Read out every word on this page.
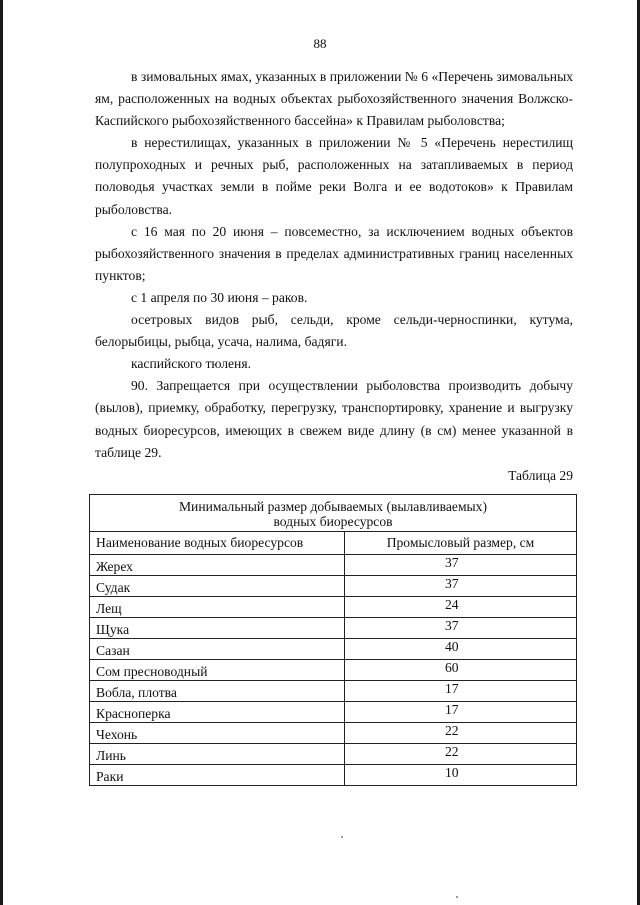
88

в зимовальных ямах, указанных в приложении № 6 «Перечень зимовальных ям, расположенных на водных объектах рыбохозяйственного значения Волжско-Каспийского рыбохозяйственного бассейна» к Правилам рыболовства;

в нерестилищах, указанных в приложении № 5 «Перечень нерестилищ полупроходных и речных рыб, расположенных на затапливаемых в период половодья участках земли в пойме реки Волга и ее водотоков» к Правилам рыболовства.

с 16 мая по 20 июня – повсеместно, за исключением водных объектов рыбохозяйственного значения в пределах административных границ населенных пунктов;

с 1 апреля по 30 июня – раков.

осетровых видов рыб, сельди, кроме сельди-черноспинки, кутума, белорыбицы, рыбца, усача, налима, бадяги.

каспийского тюленя.

90. Запрещается при осуществлении рыболовства производить добычу (вылов), приемку, обработку, перегрузку, транспортировку, хранение и выгрузку водных биоресурсов, имеющих в свежем виде длину (в см) менее указанной в таблице 29.

Таблица 29

Минимальный размер добываемых (вылавливаемых)
водных биоресурсов	
Наименование водных биоресурсов	Промысловый размер, см
Жерех	37
Судак	37
Лещ	24
Щука	37
Сазан	40
Сом пресноводный	60
Вобла, плотва	17
Красноперка	17
Чехонь	22
Линь	22
Раки	10
